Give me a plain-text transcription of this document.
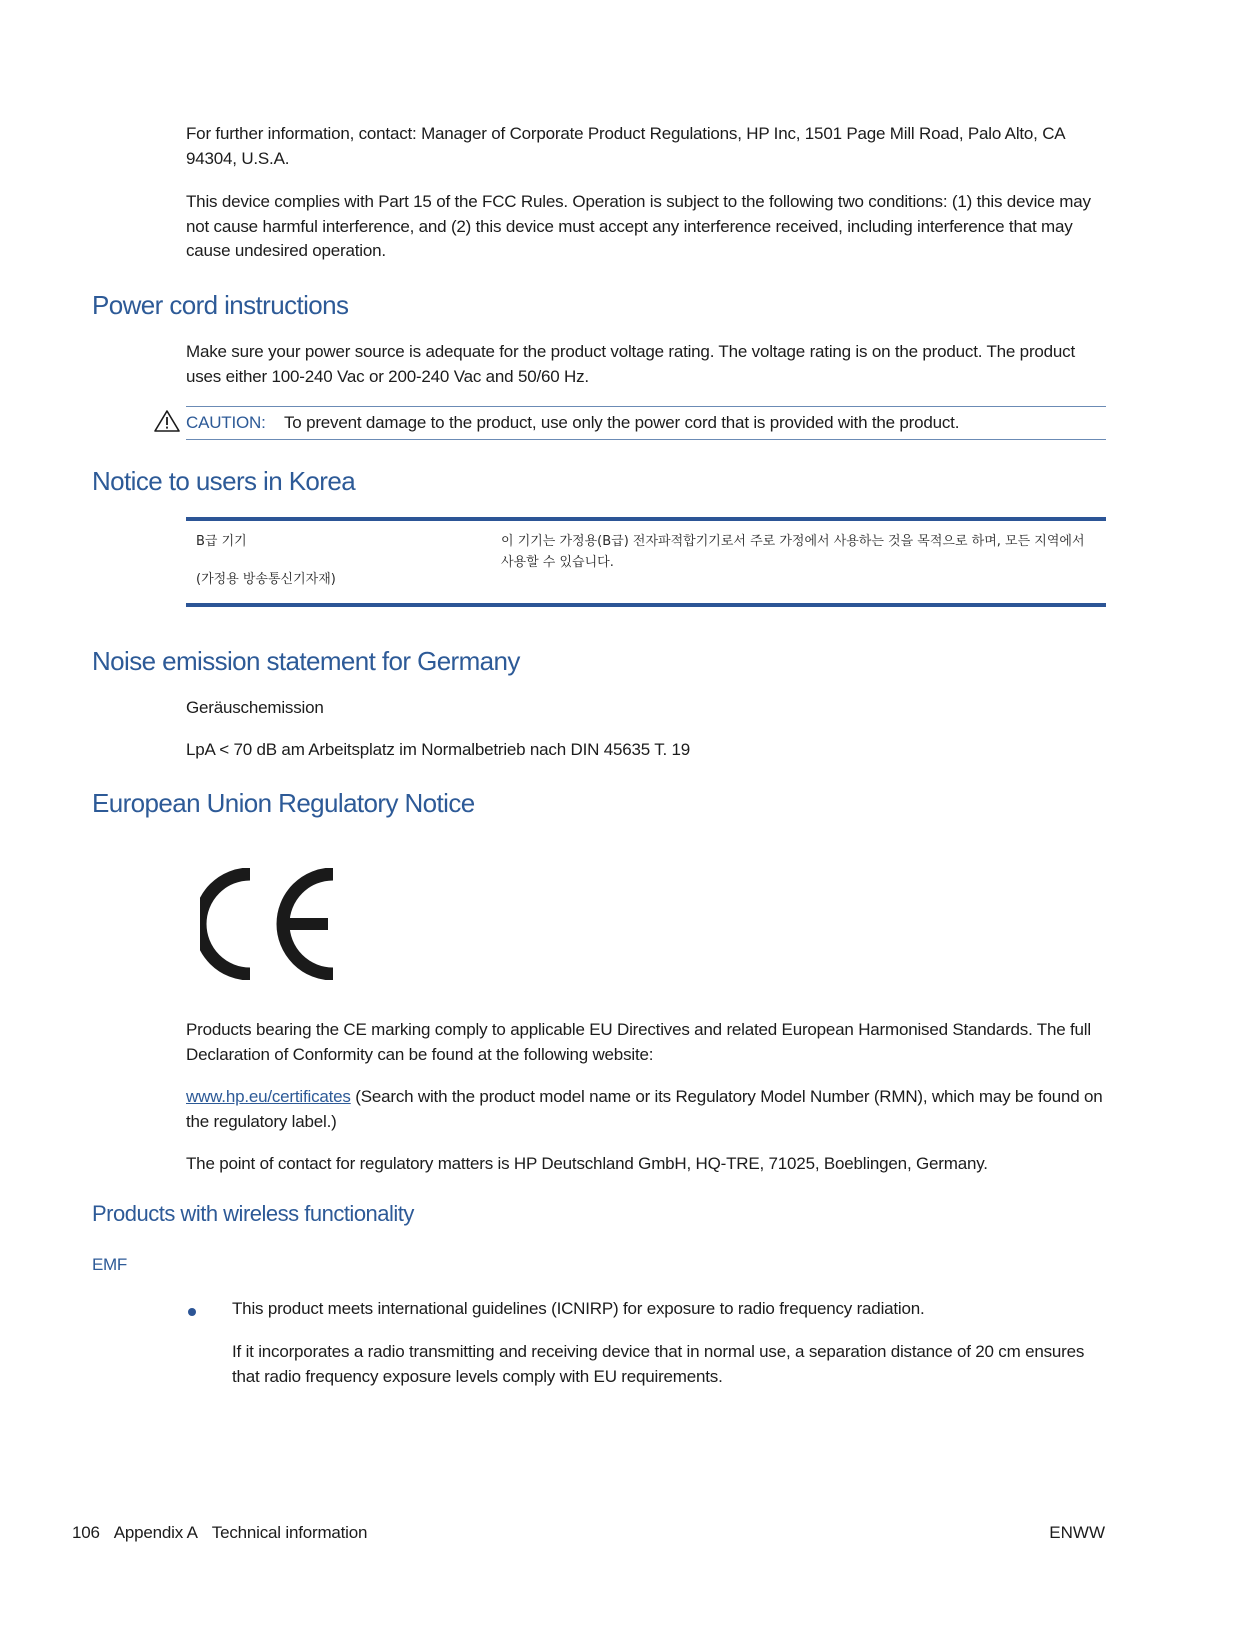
For further information, contact: Manager of Corporate Product Regulations, HP Inc, 1501 Page Mill Road, Palo Alto, CA 94304, U.S.A.

This device complies with Part 15 of the FCC Rules. Operation is subject to the following two conditions: (1) this device may not cause harmful interference, and (2) this device must accept any interference received, including interference that may cause undesired operation.

Power cord instructions

Make sure your power source is adequate for the product voltage rating. The voltage rating is on the product. The product uses either 100-240 Vac or 200-240 Vac and 50/60 Hz.

CAUTION: To prevent damage to the product, use only the power cord that is provided with the product.
Notice to users in Korea
B급 기기
(가정용 방송통신기자재)
이 기기는 가정용(B급) 전자파적합기기로서 주로 가정에서 사용하는 것을 목적으로 하며, 모든 지역에서 사용할 수 있습니다.
Noise emission statement for Germany

Geräuschemission

LpA < 70 dB am Arbeitsplatz im Normalbetrieb nach DIN 45635 T. 19

European Union Regulatory Notice

Products bearing the CE marking comply to applicable EU Directives and related European Harmonised Standards. The full Declaration of Conformity can be found at the following website:

www.hp.eu/certificates (Search with the product model name or its Regulatory Model Number (RMN), which may be found on the regulatory label.)

The point of contact for regulatory matters is HP Deutschland GmbH, HQ-TRE, 71025, Boeblingen, Germany.

Products with wireless functionality
EMF

This product meets international guidelines (ICNIRP) for exposure to radio frequency radiation.

If it incorporates a radio transmitting and receiving device that in normal use, a separation distance of 20 cm ensures that radio frequency exposure levels comply with EU requirements.

106 Appendix A Technical information	ENWW
